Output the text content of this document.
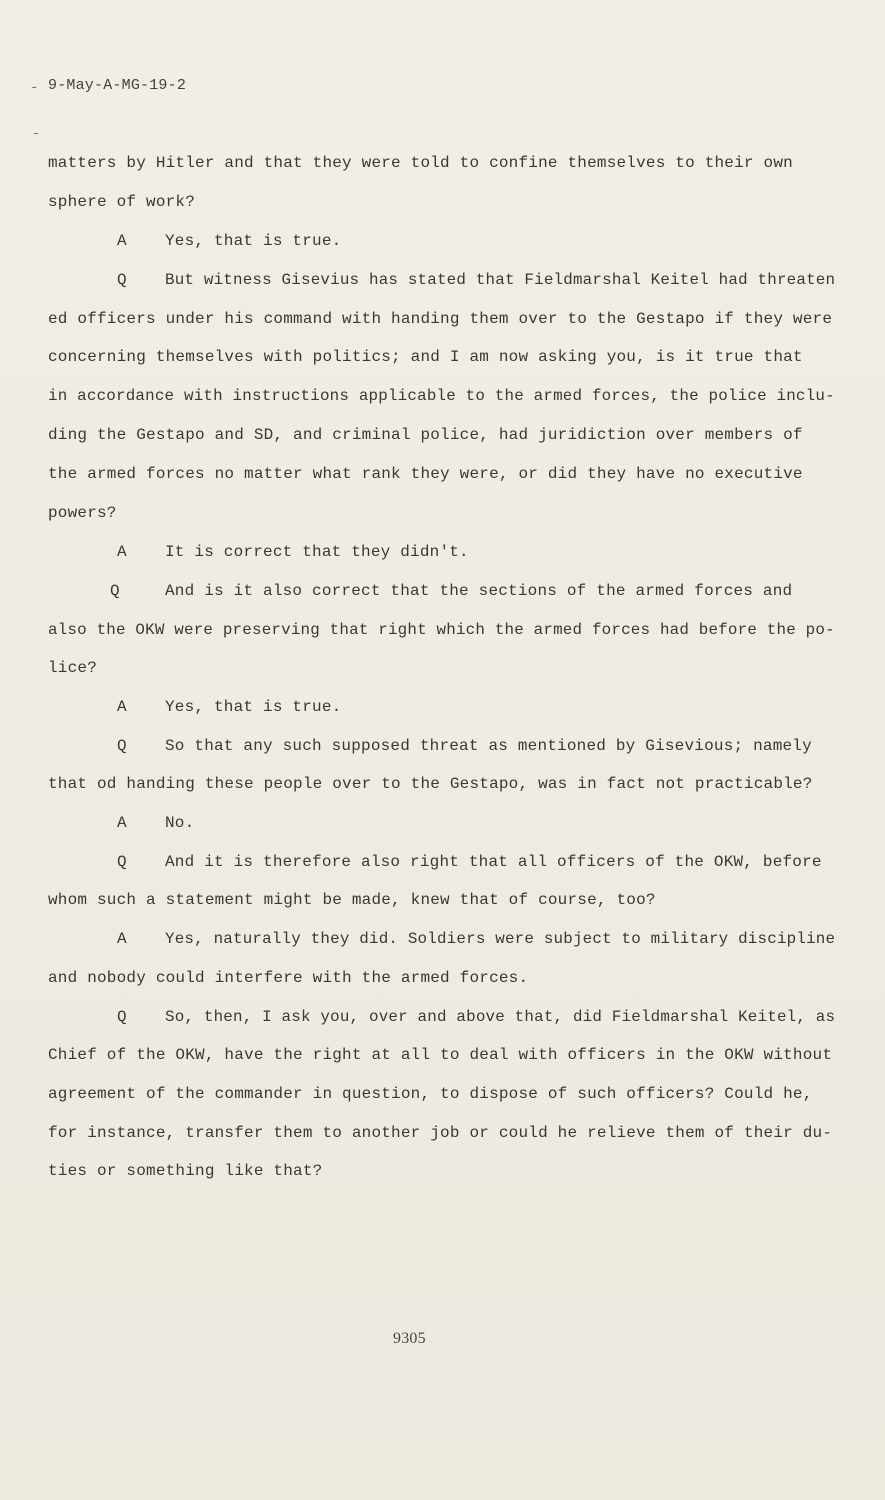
-
-
9-May-A-MG-19-2
matters by Hitler and that they were told to confine themselves to their own
sphere of work?
A Yes, that is true.
Q But witness Gisevius has stated that Fieldmarshal Keitel had threaten
ed officers under his command with handing them over to the Gestapo if they were
concerning themselves with politics; and I am now asking you, is it true that
in accordance with instructions applicable to the armed forces, the police inclu-
ding the Gestapo and SD, and criminal police, had juridiction over members of
the armed forces no matter what rank they were, or did they have no executive
powers?
A It is correct that they didn't.
Q	And is it also correct that the sections of the armed forces and
also the OKW were preserving that right which the armed forces had before the po-
lice?
A Yes, that is true.
Q So that any such supposed threat as mentioned by Gisevious; namely
that od handing these people over to the Gestapo, was in fact not practicable?
A No.
Q And it is therefore also right that all officers of the OKW, before
whom such a statement might be made, knew that of course, too?
A Yes, naturally they did. Soldiers were subject to military discipline
and nobody could interfere with the armed forces.
Q So, then, I ask you, over and above that, did Fieldmarshal Keitel, as
Chief of the OKW, have the right at all to deal with officers in the OKW without
agreement of the commander in question, to dispose of such officers? Could he,
for instance, transfer them to another job or could he relieve them of their du-
ties or something like that?
9305
